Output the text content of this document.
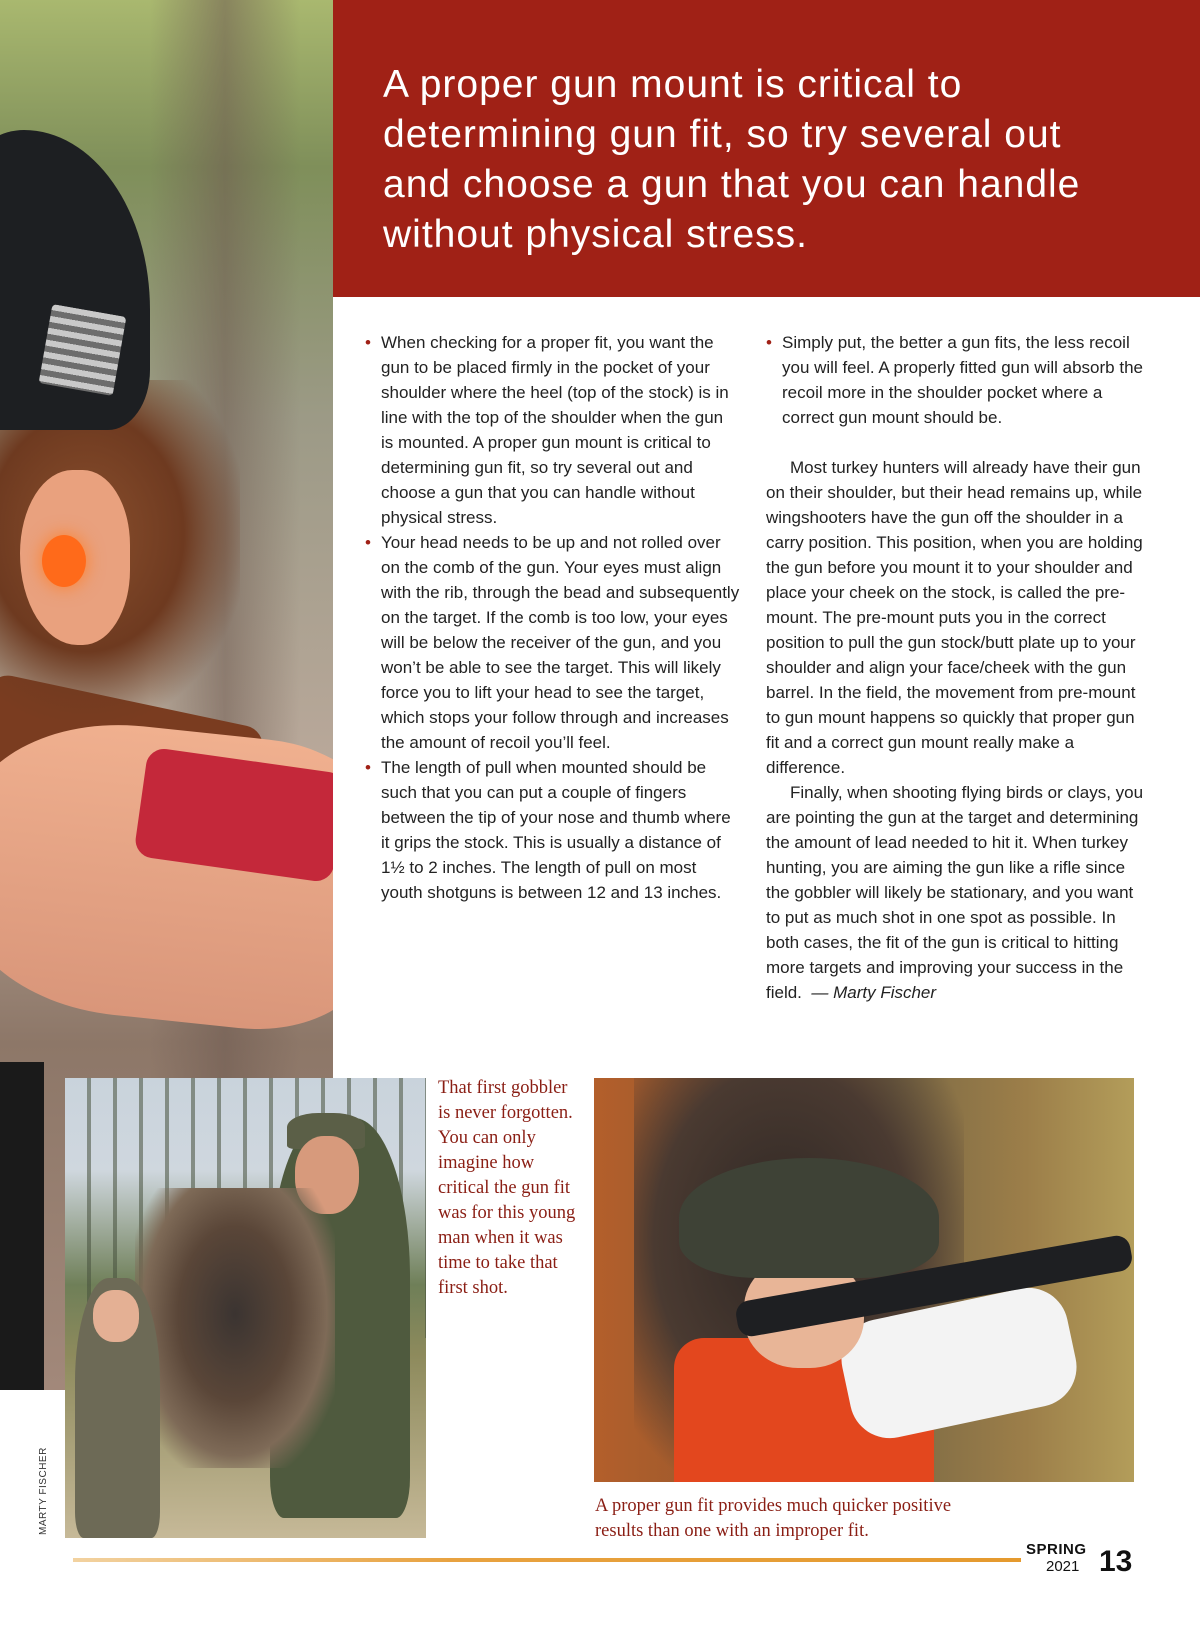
A proper gun mount is critical to determining gun fit, so try several out and choose a gun that you can handle without physical stress.
• When checking for a proper fit, you want the gun to be placed firmly in the pocket of your shoulder where the heel (top of the stock) is in line with the top of the shoulder when the gun is mounted. A proper gun mount is critical to determining gun fit, so try several out and choose a gun that you can handle without physical stress.
• Your head needs to be up and not rolled over on the comb of the gun. Your eyes must align with the rib, through the bead and subsequently on the target. If the comb is too low, your eyes will be below the receiver of the gun, and you won’t be able to see the target. This will likely force you to lift your head to see the target, which stops your follow through and increases the amount of recoil you’ll feel.
• The length of pull when mounted should be such that you can put a couple of fingers between the tip of your nose and thumb where it grips the stock. This is usually a distance of 1½ to 2 inches. The length of pull on most youth shotguns is between 12 and 13 inches.
• Simply put, the better a gun fits, the less recoil you will feel. A properly fitted gun will absorb the recoil more in the shoulder pocket where a correct gun mount should be.

Most turkey hunters will already have their gun on their shoulder, but their head remains up, while wingshooters have the gun off the shoulder in a carry position. This position, when you are holding the gun before you mount it to your shoulder and place your cheek on the stock, is called the pre-mount. The pre-mount puts you in the correct position to pull the gun stock/butt plate up to your shoulder and align your face/cheek with the gun barrel. In the field, the movement from pre-mount to gun mount happens so quickly that proper gun fit and a correct gun mount really make a difference.

Finally, when shooting flying birds or clays, you are pointing the gun at the target and determining the amount of lead needed to hit it. When turkey hunting, you are aiming the gun like a rifle since the gobbler will likely be stationary, and you want to put as much shot in one spot as possible. In both cases, the fit of the gun is critical to hitting more targets and improving your success in the field. — Marty Fischer

That first gobbler is never forgotten. You can only imagine how critical the gun fit was for this young man when it was time to take that first shot.
A proper gun fit provides much quicker positive results than one with an improper fit.
MARTY FISCHER
SPRING
2021 13
